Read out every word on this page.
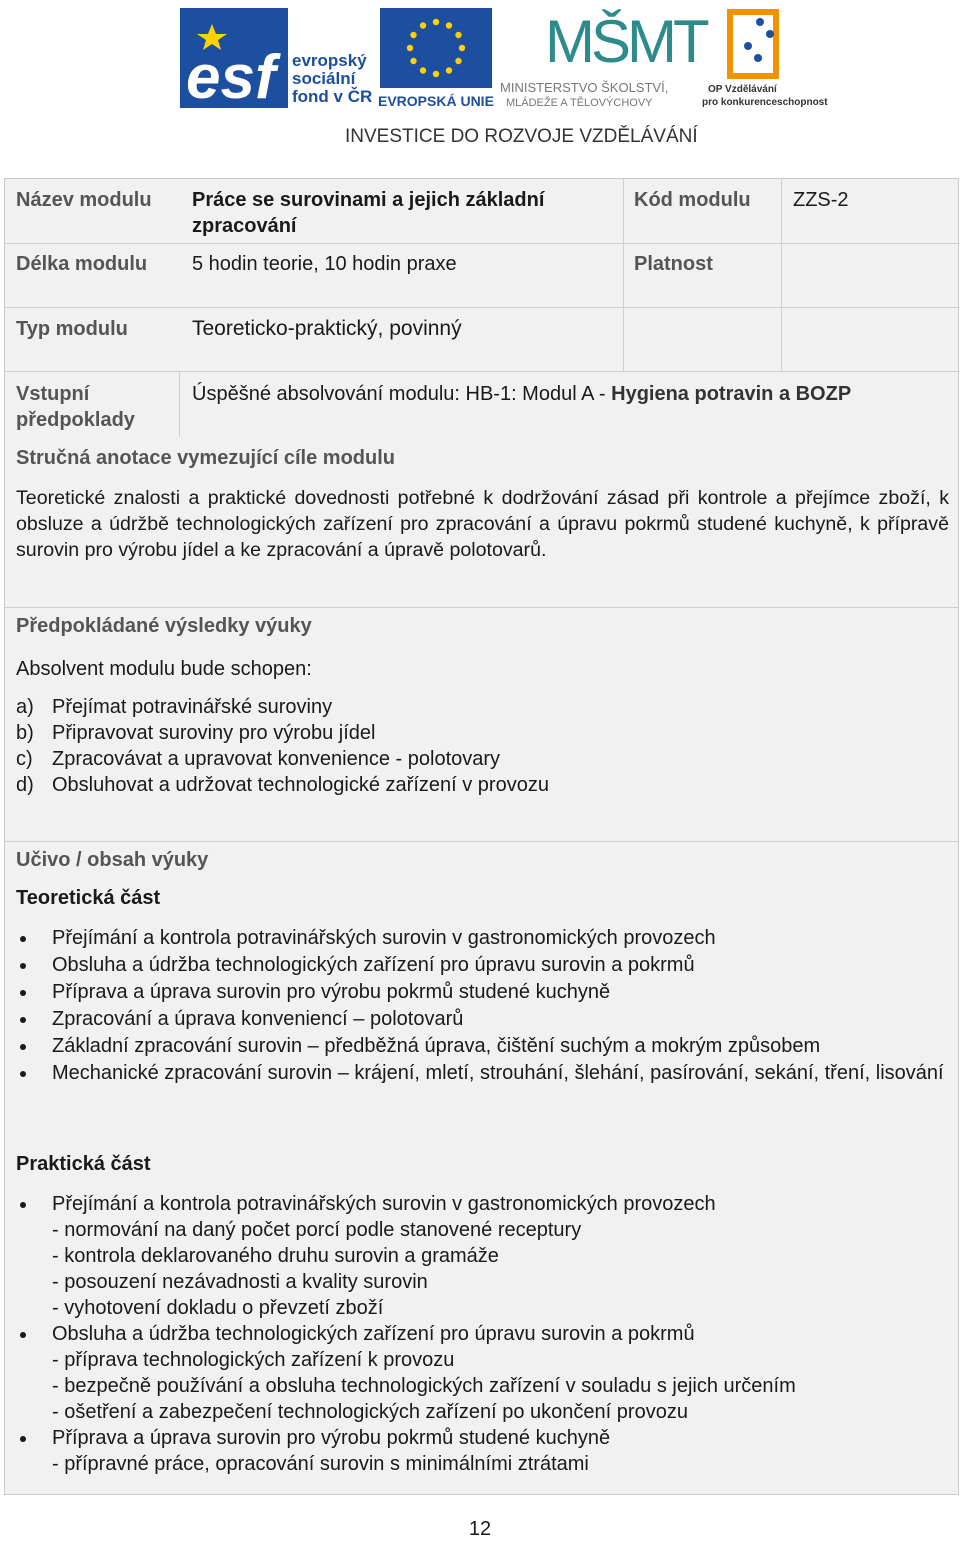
esf evropský
sociální
fond v ČR EVROPSKÁ UNIE
MŠMT
MINISTERSTVO ŠKOLSTVÍ,
MLÁDEŽE A TĚLOVÝCHOVY
OP Vzdělávání
pro konkurenceschopnost
INVESTICE DO ROZVOJE VZDĚLÁVÁNÍ
Název modulu Práce se surovinami a jejich základní
zpracování
Kód modulu ZZS-2
Délka modulu 5 hodin teorie, 10 hodin praxe	Platnost
Typ modulu	Teoreticko-praktický, povinný
Vstupní
předpoklady
Úspěšné absolvování modulu: HB-1: Modul A - Hygiena potravin a BOZP
Stručná anotace vymezující cíle modulu
Teoretické znalosti a praktické dovednosti potřebné k dodržování zásad při kontrole a přejímce zboží, k obsluze a údržbě technologických zařízení pro zpracování a úpravu pokrmů studené kuchyně, k přípravě surovin pro výrobu jídel a ke zpracování a úpravě polotovarů.
Předpokládané výsledky výuky
Absolvent modulu bude schopen:
a) Přejímat potravinářské suroviny
b) Připravovat suroviny pro výrobu jídel
c) Zpracovávat a upravovat konvenience - polotovary
d) Obsluhovat a udržovat technologické zařízení v provozu
Učivo / obsah výuky
Teoretická část
Přejímání a kontrola potravinářských surovin v gastronomických provozech
Obsluha a údržba technologických zařízení pro úpravu surovin a pokrmů
Příprava a úprava surovin pro výrobu pokrmů studené kuchyně
Zpracování a úprava konveniencí – polotovarů
Základní zpracování surovin – předběžná úprava, čištění suchým a mokrým způsobem
Mechanické zpracování surovin – krájení, mletí, strouhání, šlehání, pasírování, sekání, tření, lisování
Praktická část
Přejímání a kontrola potravinářských surovin v gastronomických provozech
- normování na daný počet porcí podle stanovené receptury
- kontrola deklarovaného druhu surovin a gramáže
- posouzení nezávadnosti a kvality surovin
- vyhotovení dokladu o převzetí zboží
Obsluha a údržba technologických zařízení pro úpravu surovin a pokrmů
- příprava technologických zařízení k provozu
- bezpečně používání a obsluha technologických zařízení v souladu s jejich určením
- ošetření a zabezpečení technologických zařízení po ukončení provozu
Příprava a úprava surovin pro výrobu pokrmů studené kuchyně
- přípravné práce, opracování surovin s minimálními ztrátami
12
